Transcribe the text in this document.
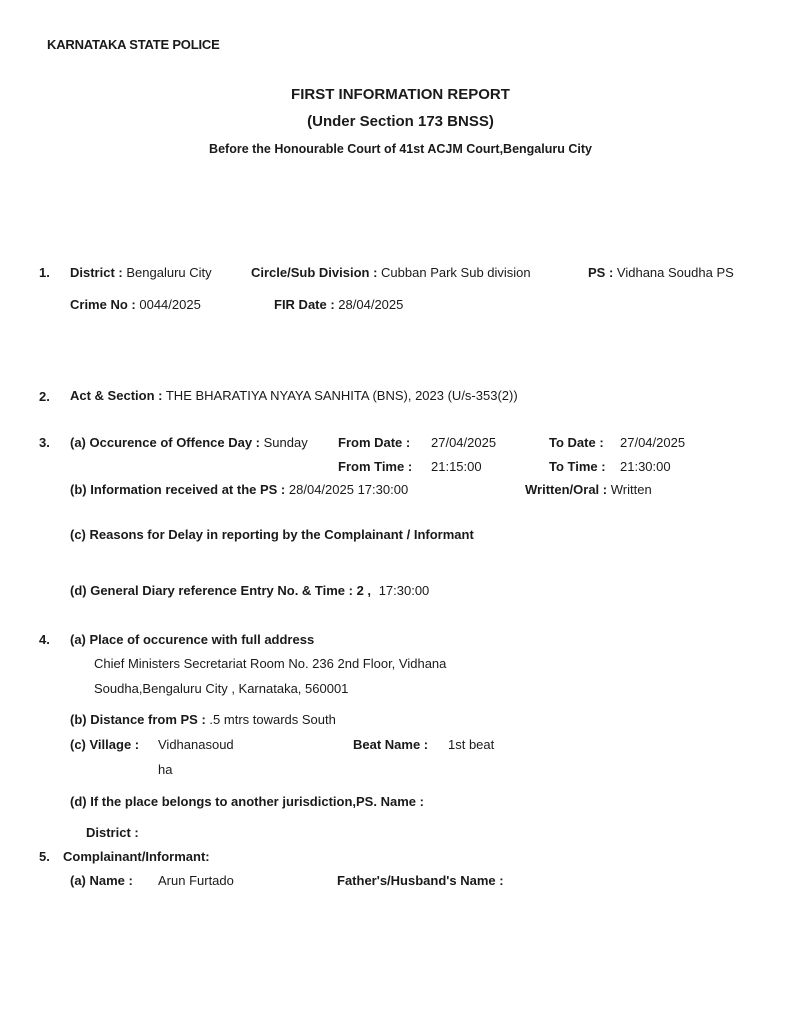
KARNATAKA STATE POLICE
FIRST INFORMATION REPORT
(Under Section 173 BNSS)
Before the Honourable Court of 41st ACJM Court,Bengaluru City
1. District : Bengaluru City	Circle/Sub Division : Cubban Park Sub division	PS : Vidhana Soudha PS
Crime No : 0044/2025	FIR Date : 28/04/2025
2. Act & Section : THE BHARATIYA NYAYA SANHITA (BNS), 2023 (U/s-353(2))
3. (a) Occurence of Offence Day : Sunday From Date : 27/04/2025	To Date : 27/04/2025
From Time : 21:15:00	To Time : 21:30:00
(b) Information received at the PS : 28/04/2025 17:30:00	Written/Oral : Written
(c) Reasons for Delay in reporting by the Complainant / Informant
(d) General Diary reference Entry No. & Time : 2 , 17:30:00
4. (a) Place of occurence with full address
Chief Ministers Secretariat Room No. 236 2nd Floor, Vidhana
Soudha,Bengaluru City , Karnataka, 560001
(b) Distance from PS : .5 mtrs towards South
(c) Village : Vidhanasoud
ha
Beat Name : 1st beat
(d) If the place belongs to another jurisdiction,PS. Name :
District :
5. Complainant/Informant:
(a) Name : Arun Furtado	Father's/Husband's Name :
